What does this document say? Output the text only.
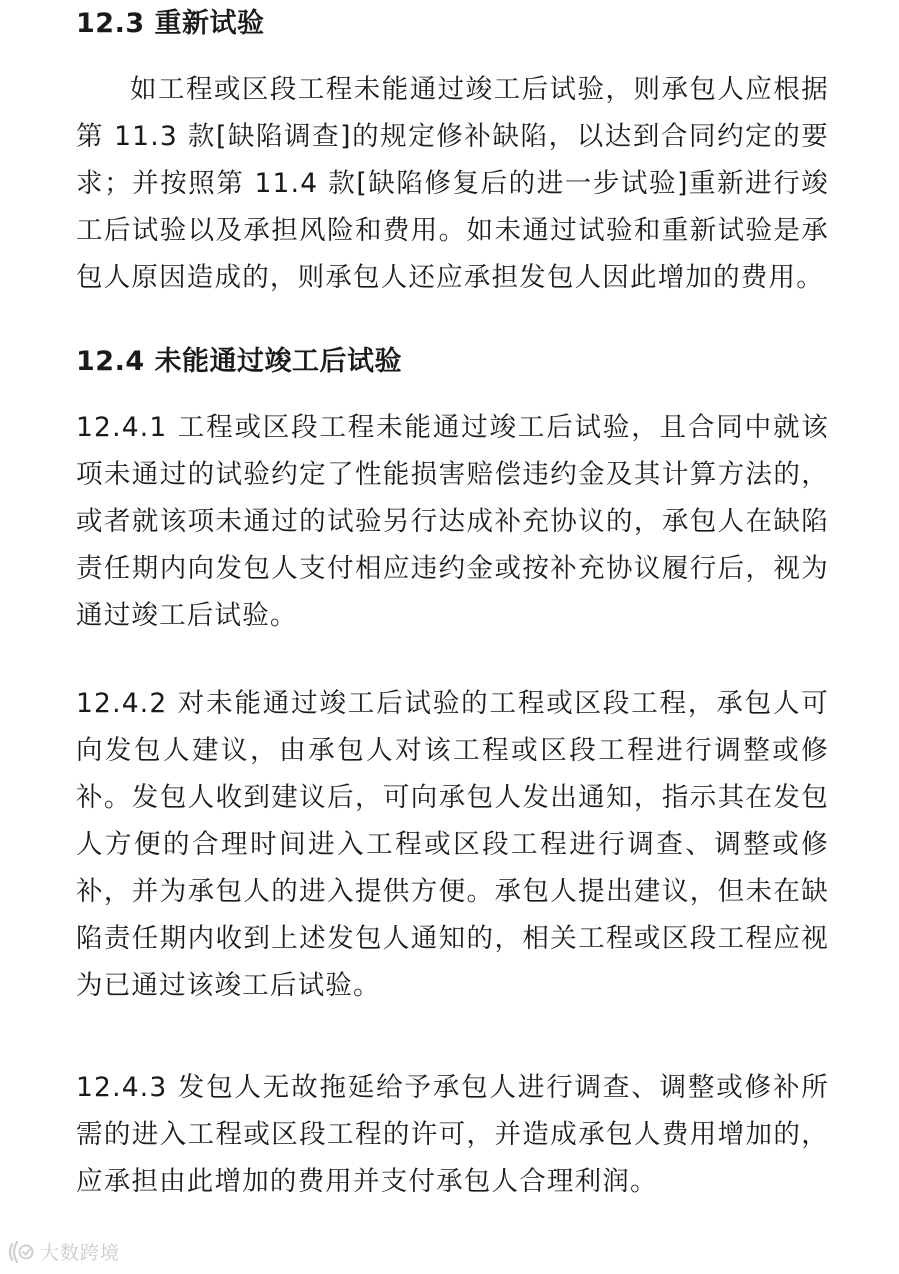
12.3 重新试验

如工程或区段工程未能通过竣工后试验，则承包人应根据第 11.3 款[缺陷调查]的规定修补缺陷，以达到合同约定的要求；并按照第 11.4 款[缺陷修复后的进一步试验]重新进行竣工后试验以及承担风险和费用。如未通过试验和重新试验是承包人原因造成的，则承包人还应承担发包人因此增加的费用。

12.4 未能通过竣工后试验

12.4.1 工程或区段工程未能通过竣工后试验，且合同中就该项未通过的试验约定了性能损害赔偿违约金及其计算方法的，或者就该项未通过的试验另行达成补充协议的，承包人在缺陷责任期内向发包人支付相应违约金或按补充协议履行后，视为通过竣工后试验。

12.4.2 对未能通过竣工后试验的工程或区段工程，承包人可向发包人建议，由承包人对该工程或区段工程进行调整或修补。发包人收到建议后，可向承包人发出通知，指示其在发包人方便的合理时间进入工程或区段工程进行调查、调整或修补，并为承包人的进入提供方便。承包人提出建议，但未在缺陷责任期内收到上述发包人通知的，相关工程或区段工程应视为已通过该竣工后试验。

12.4.3 发包人无故拖延给予承包人进行调查、调整或修补所需的进入工程或区段工程的许可，并造成承包人费用增加的，应承担由此增加的费用并支付承包人合理利润。

大数跨境
